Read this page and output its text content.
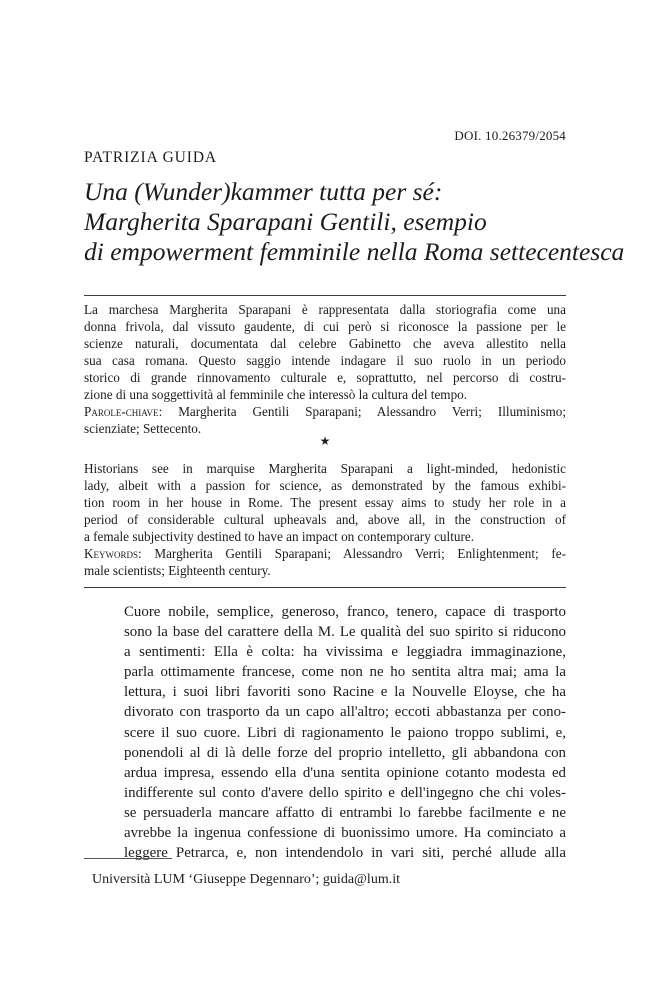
DOI. 10.26379/2054
PATRIZIA GUIDA
Una (Wunder)kammer tutta per sé:
Margherita Sparapani Gentili, esempio
di empowerment femminile nella Roma settecentesca
La marchesa Margherita Sparapani è rappresentata dalla storiografia come una
donna frivola, dal vissuto gaudente, di cui però si riconosce la passione per le
scienze naturali, documentata dal celebre Gabinetto che aveva allestito nella
sua casa romana. Questo saggio intende indagare il suo ruolo in un periodo
storico di grande rinnovamento culturale e, soprattutto, nel percorso di costru-
zione di una soggettività al femminile che interessò la cultura del tempo.
Parole-chiave: Margherita Gentili Sparapani; Alessandro Verri; Illuminismo;
scienziate; Settecento.
★
Historians see in marquise Margherita Sparapani a light-minded, hedonistic
lady, albeit with a passion for science, as demonstrated by the famous exhibi-
tion room in her house in Rome. The present essay aims to study her role in a
period of considerable cultural upheavals and, above all, in the construction of
a female subjectivity destined to have an impact on contemporary culture.
Keywords: Margherita Gentili Sparapani; Alessandro Verri; Enlightenment; fe-
male scientists; Eighteenth century.
Cuore nobile, semplice, generoso, franco, tenero, capace di trasporto
sono la base del carattere della M. Le qualità del suo spirito si riducono
a sentimenti: Ella è colta: ha vivissima e leggiadra immaginazione,
parla ottimamente francese, come non ne ho sentita altra mai; ama la
lettura, i suoi libri favoriti sono Racine e la Nouvelle Eloyse, che ha
divorato con trasporto da un capo all'altro; eccoti abbastanza per cono-
scere il suo cuore. Libri di ragionamento le paiono troppo sublimi, e,
ponendoli al di là delle forze del proprio intelletto, gli abbandona con
ardua impresa, essendo ella d'una sentita opinione cotanto modesta ed
indifferente sul conto d'avere dello spirito e dell'ingegno che chi voles-
se persuaderla mancare affatto di entrambi lo farebbe facilmente e ne
avrebbe la ingenua confessione di buonissimo umore. Ha cominciato a
leggere Petrarca, e, non intendendolo in vari siti, perché allude alla
Università LUM ‘Giuseppe Degennaro’; guida@lum.it
